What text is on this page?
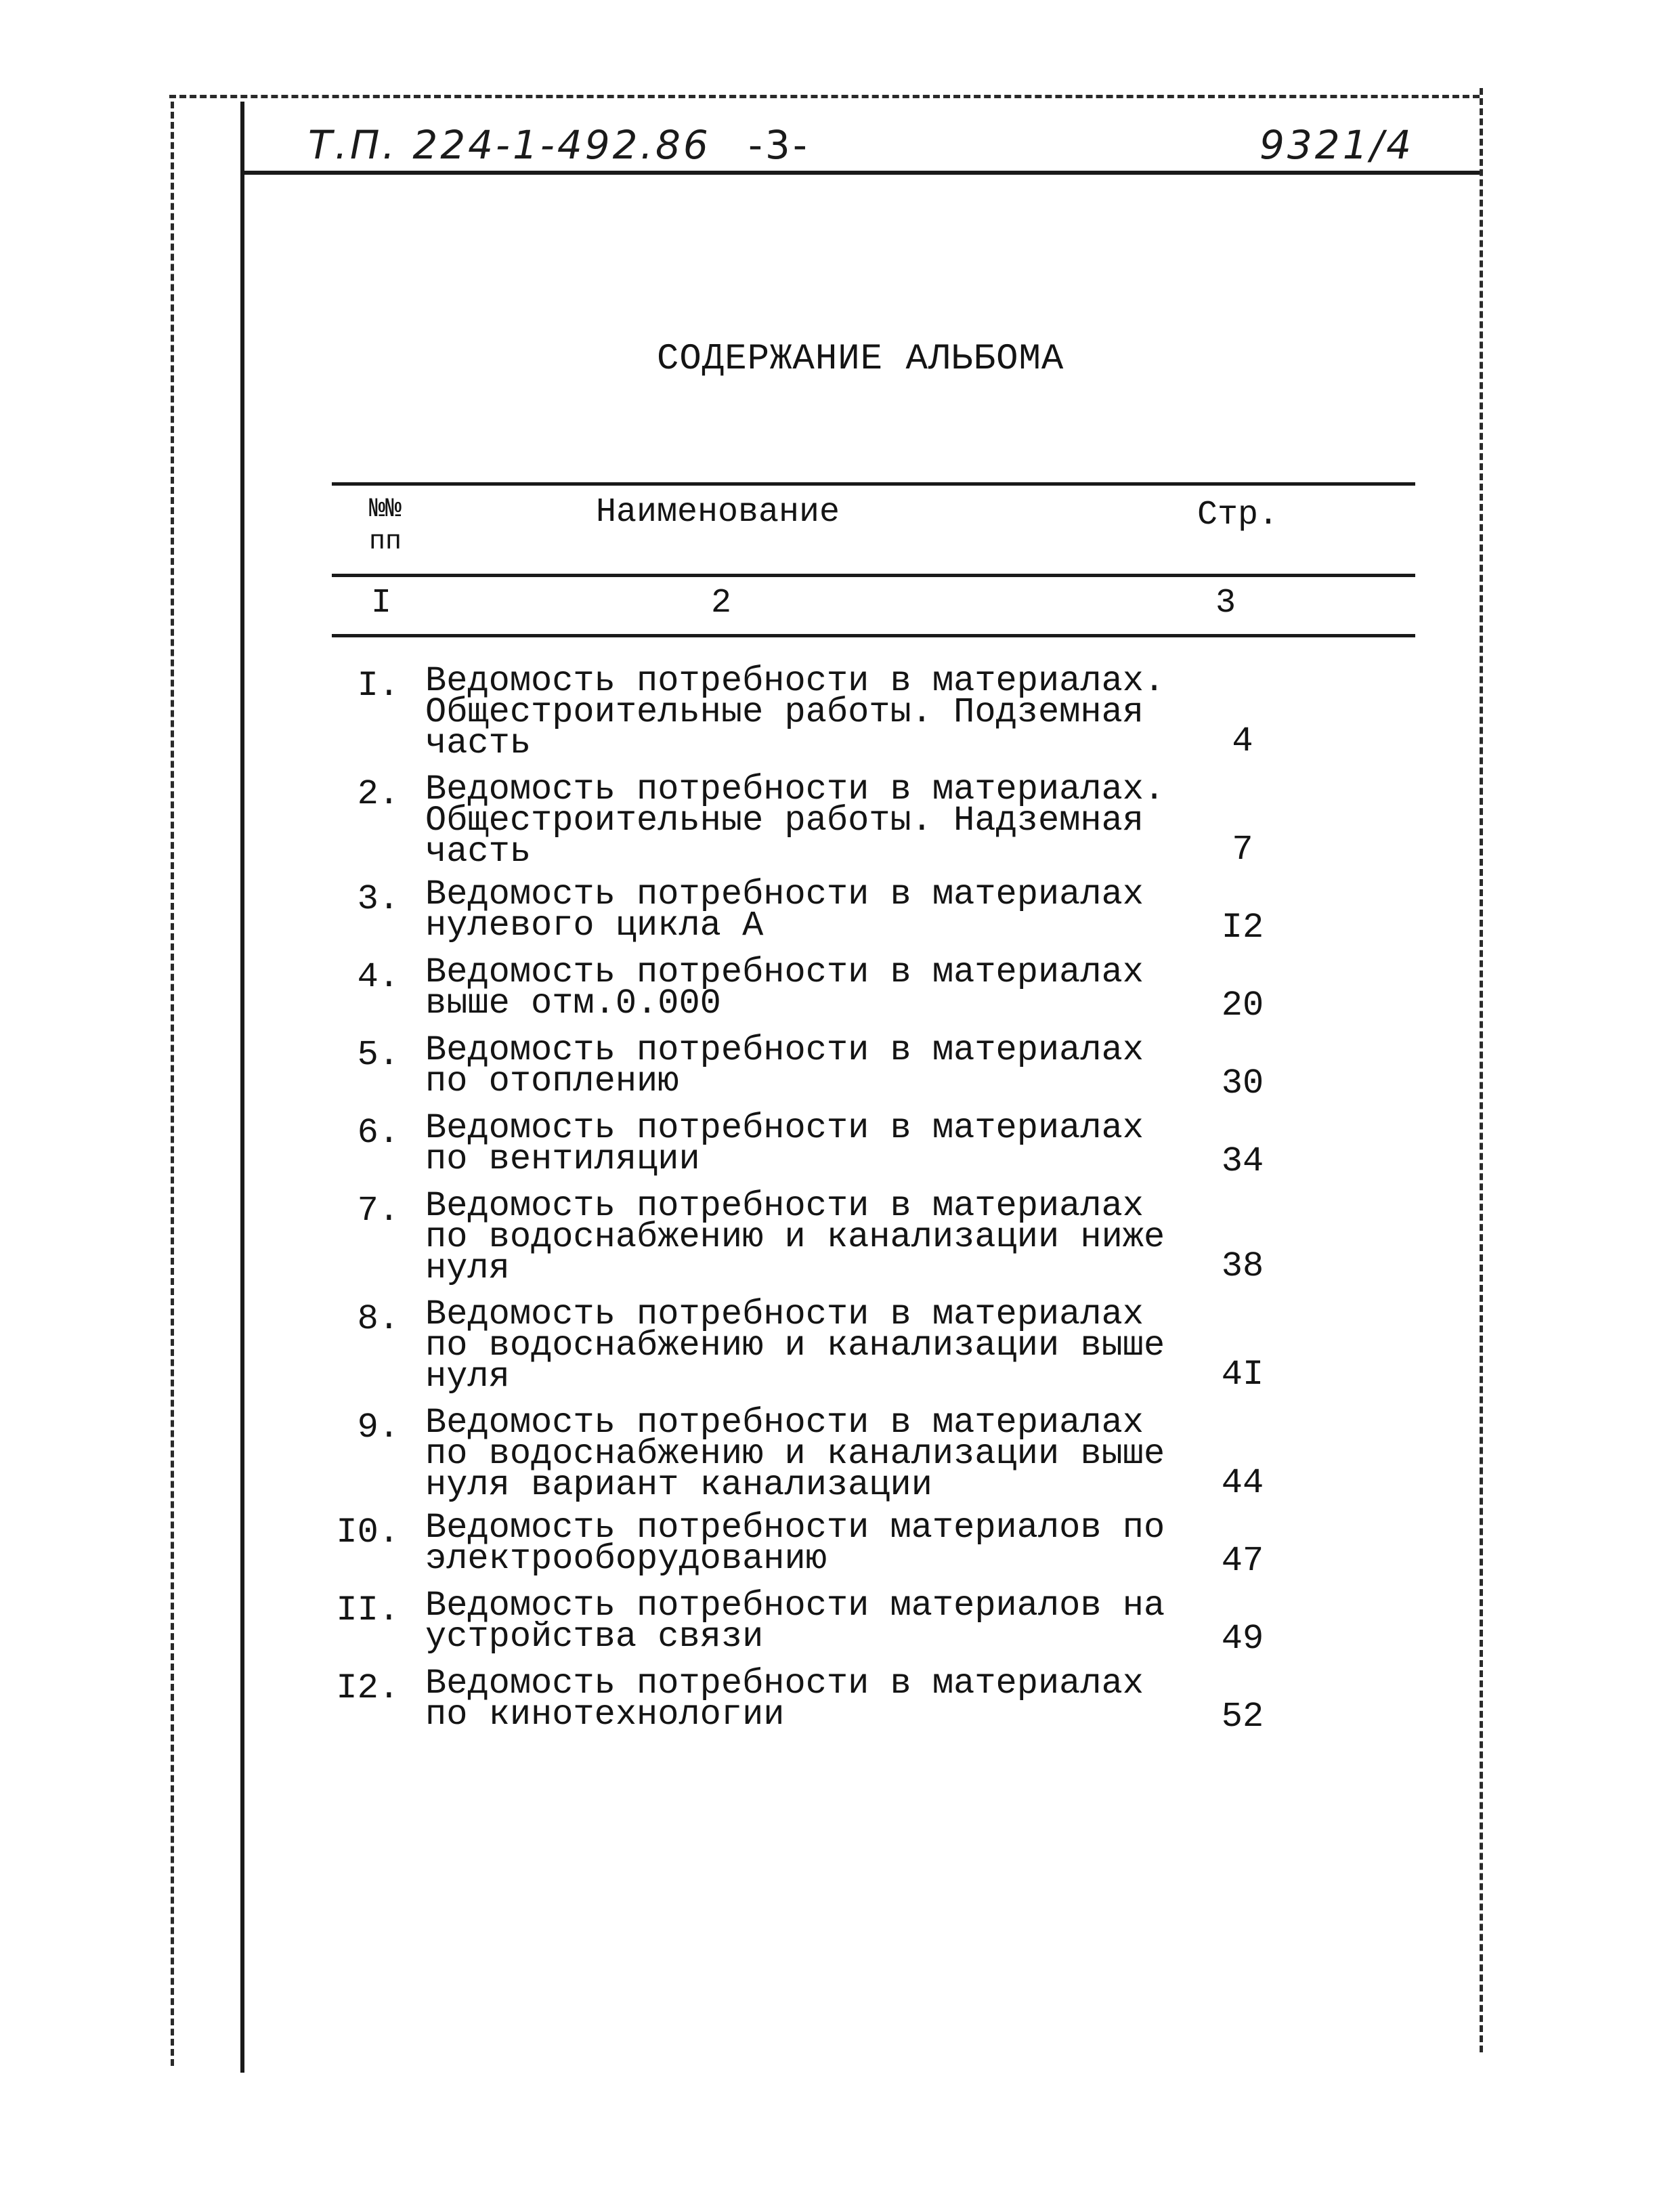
Т.П. 224-1-492.86 -3-	9321/4
СОДЕРЖАНИЕ АЛЬБОМА
№№
пп
Наименование	Стр.
I	2	3
I. Ведомость потребности в материалах.
Общестроительные работы. Подземная
часть	4
2. Ведомость потребности в материалах.
Общестроительные работы. Надземная
часть	7
3. Ведомость потребности в материалах
нулевого цикла А	I2
4. Ведомость потребности в материалах
выше отм.0.000	20
5. Ведомость потребности в материалах
по отоплению	30
6. Ведомость потребности в материалах
по вентиляции	34
7. Ведомость потребности в материалах
по водоснабжению и канализации ниже
нуля	38
8. Ведомость потребности в материалах
по водоснабжению и канализации выше
нуля	4I
9. Ведомость потребности в материалах
по водоснабжению и канализации выше
нуля вариант канализации	44
I0. Ведомость потребности материалов по
электрооборудованию	47
II. Ведомость потребности материалов на
устройства связи	49
I2. Ведомость потребности в материалах
по кинотехнологии	52
